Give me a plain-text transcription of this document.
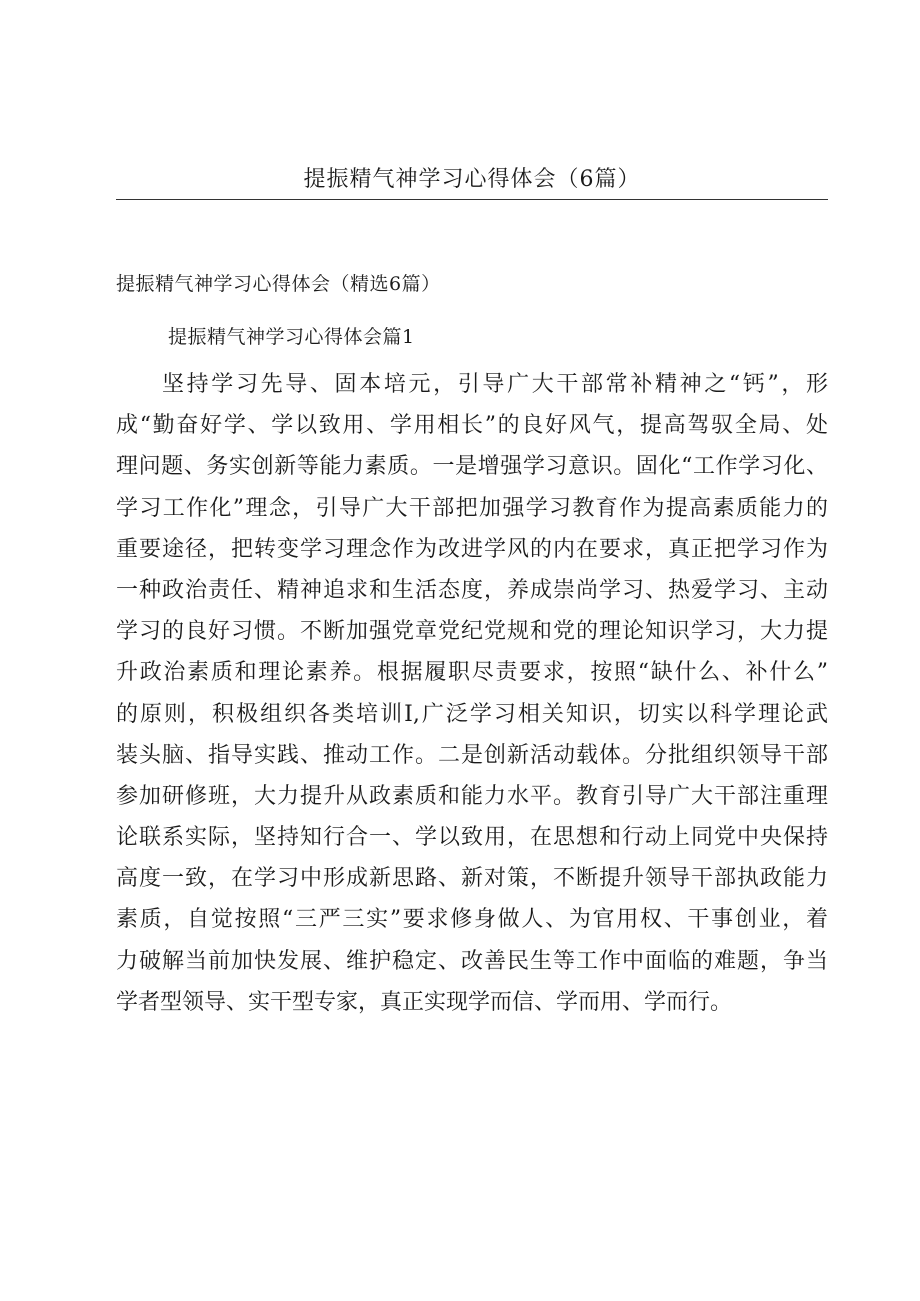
提振精气神学习心得体会（6篇）
提振精气神学习心得体会（精选6篇）
提振精气神学习心得体会篇1
坚持学习先导、固本培元，引导广大干部常补精神之“钙”，形
成“勤奋好学、学以致用、学用相长”的良好风气，提高驾驭全局、处
理问题、务实创新等能力素质。一是增强学习意识。固化“工作学习化、
学习工作化”理念，引导广大干部把加强学习教育作为提高素质能力的
重要途径，把转变学习理念作为改进学风的内在要求，真正把学习作为
一种政治责任、精神追求和生活态度，养成崇尚学习、热爱学习、主动
学习的良好习惯。不断加强党章党纪党规和党的理论知识学习，大力提
升政治素质和理论素养。根据履职尽责要求，按照“缺什么、补什么”
的原则，积极组织各类培训I,广泛学习相关知识，切实以科学理论武
装头脑、指导实践、推动工作。二是创新活动载体。分批组织领导干部
参加研修班，大力提升从政素质和能力水平。教育引导广大干部注重理
论联系实际，坚持知行合一、学以致用，在思想和行动上同党中央保持
高度一致，在学习中形成新思路、新对策，不断提升领导干部执政能力
素质，自觉按照“三严三实”要求修身做人、为官用权、干事创业，着
力破解当前加快发展、维护稳定、改善民生等工作中面临的难题，争当
学者型领导、实干型专家，真正实现学而信、学而用、学而行。
